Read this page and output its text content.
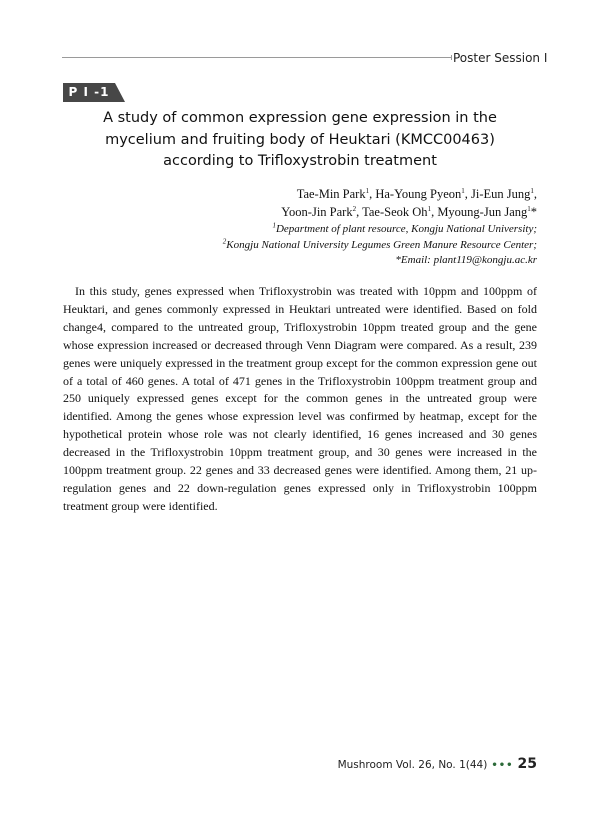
Poster Session Ⅰ
P I -1
A study of common expression gene expression in the
mycelium and fruiting body of Heuktari (KMCC00463)
according to Trifloxystrobin treatment
Tae-Min Park$^1$, Ha-Young Pyeon$^1$, Ji-Eun Jung$^1$,
Yoon-Jin Park$^2$, Tae-Seok Oh$^1$, Myoung-Jun Jang$^1$*
$^1$Department of plant resource, Kongju National University;
$^2$Kongju National University Legumes Green Manure Resource Center;
*Email: plant119@kongju.ac.kr

In this study, genes expressed when Trifloxystrobin was treated with 10ppm and 100ppm of Heuktari, and genes commonly expressed in Heuktari untreated were identified. Based on fold change4, compared to the untreated group, Trifloxystrobin 10ppm treated group and the gene whose expression increased or decreased through Venn Diagram were compared. As a result, 239 genes were uniquely expressed in the treatment group except for the common expression gene out of a total of 460 genes. A total of 471 genes in the Trifloxystrobin 100ppm treatment group and 250 uniquely expressed genes except for the common genes in the untreated group were identified. Among the genes whose expression level was confirmed by heatmap, except for the hypothetical protein whose role was not clearly identified, 16 genes increased and 30 genes decreased in the Trifloxystrobin 10ppm treatment group, and 30 genes were increased in the 100ppm treatment group. 22 genes and 33 decreased genes were identified. Among them, 21 up-regulation genes and 22 down-regulation genes expressed only in Trifloxystrobin 100ppm treatment group were identified.

Mushroom Vol. 26, No. 1(44) ••• 25
